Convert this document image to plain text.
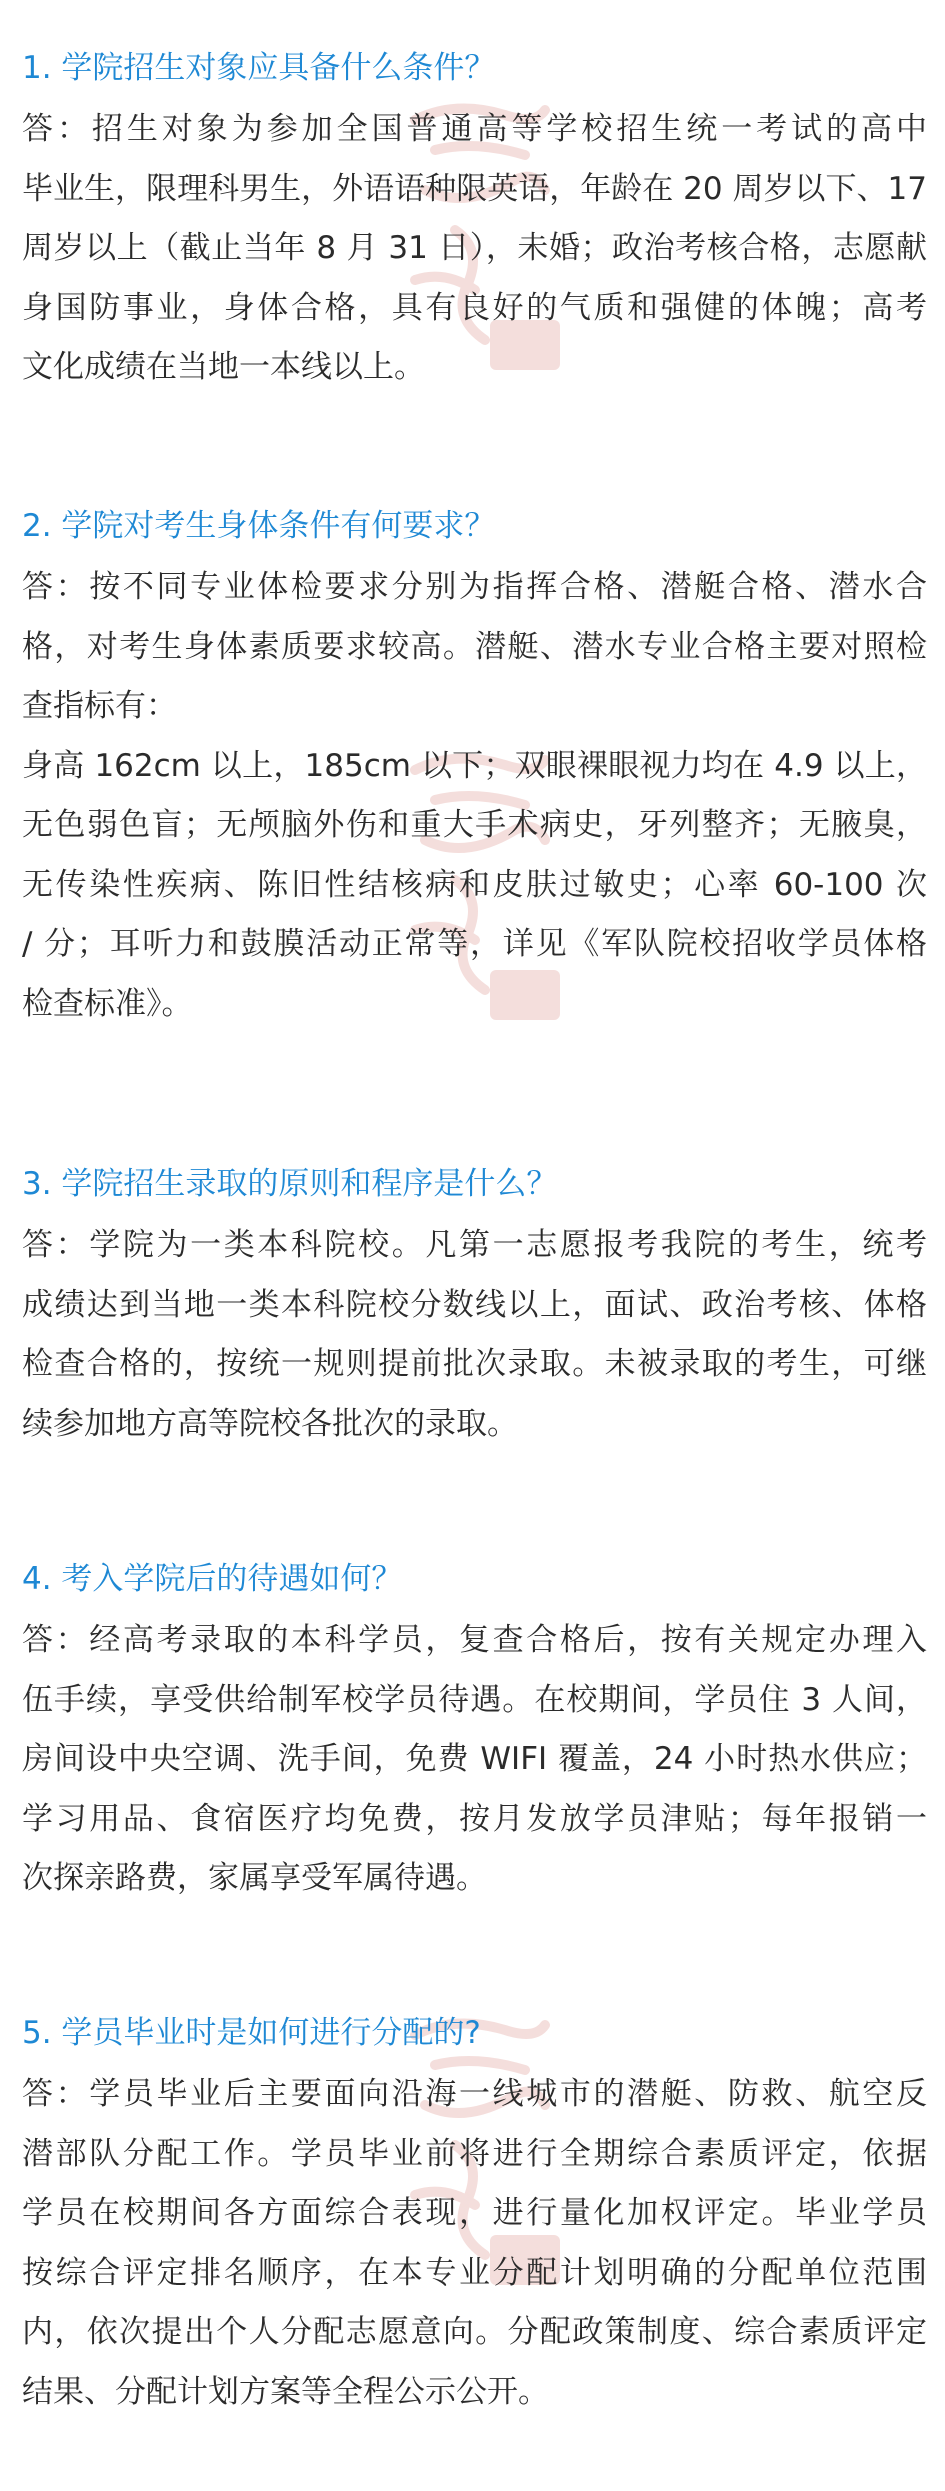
1. 学院招生对象应具备什么条件？
答：招生对象为参加全国普通高等学校招生统一考试的高中
毕业生，限理科男生，外语语种限英语，年龄在 20 周岁以下、17
周岁以上（截止当年 8 月 31 日），未婚；政治考核合格，志愿献
身国防事业，身体合格，具有良好的气质和强健的体魄；高考
文化成绩在当地一本线以上。
2. 学院对考生身体条件有何要求？
答：按不同专业体检要求分别为指挥合格、潜艇合格、潜水合
格，对考生身体素质要求较高。潜艇、潜水专业合格主要对照检
查指标有：
身高 162cm 以上，185cm 以下；双眼裸眼视力均在 4.9 以上，
无色弱色盲；无颅脑外伤和重大手术病史，牙列整齐；无腋臭，
无传染性疾病、陈旧性结核病和皮肤过敏史；心率 60-100 次
/ 分；耳听力和鼓膜活动正常等，详见《军队院校招收学员体格
检查标准》。
3. 学院招生录取的原则和程序是什么？
答：学院为一类本科院校。凡第一志愿报考我院的考生，统考
成绩达到当地一类本科院校分数线以上，面试、政治考核、体格
检查合格的，按统一规则提前批次录取。未被录取的考生，可继
续参加地方高等院校各批次的录取。
4. 考入学院后的待遇如何？
答：经高考录取的本科学员，复查合格后，按有关规定办理入
伍手续，享受供给制军校学员待遇。在校期间，学员住 3 人间，
房间设中央空调、洗手间，免费 WIFI 覆盖，24 小时热水供应；
学习用品、食宿医疗均免费，按月发放学员津贴；每年报销一
次探亲路费，家属享受军属待遇。
5. 学员毕业时是如何进行分配的?
答：学员毕业后主要面向沿海一线城市的潜艇、防救、航空反
潜部队分配工作。学员毕业前将进行全期综合素质评定，依据
学员在校期间各方面综合表现，进行量化加权评定。毕业学员
按综合评定排名顺序，在本专业分配计划明确的分配单位范围
内，依次提出个人分配志愿意向。分配政策制度、综合素质评定
结果、分配计划方案等全程公示公开。
